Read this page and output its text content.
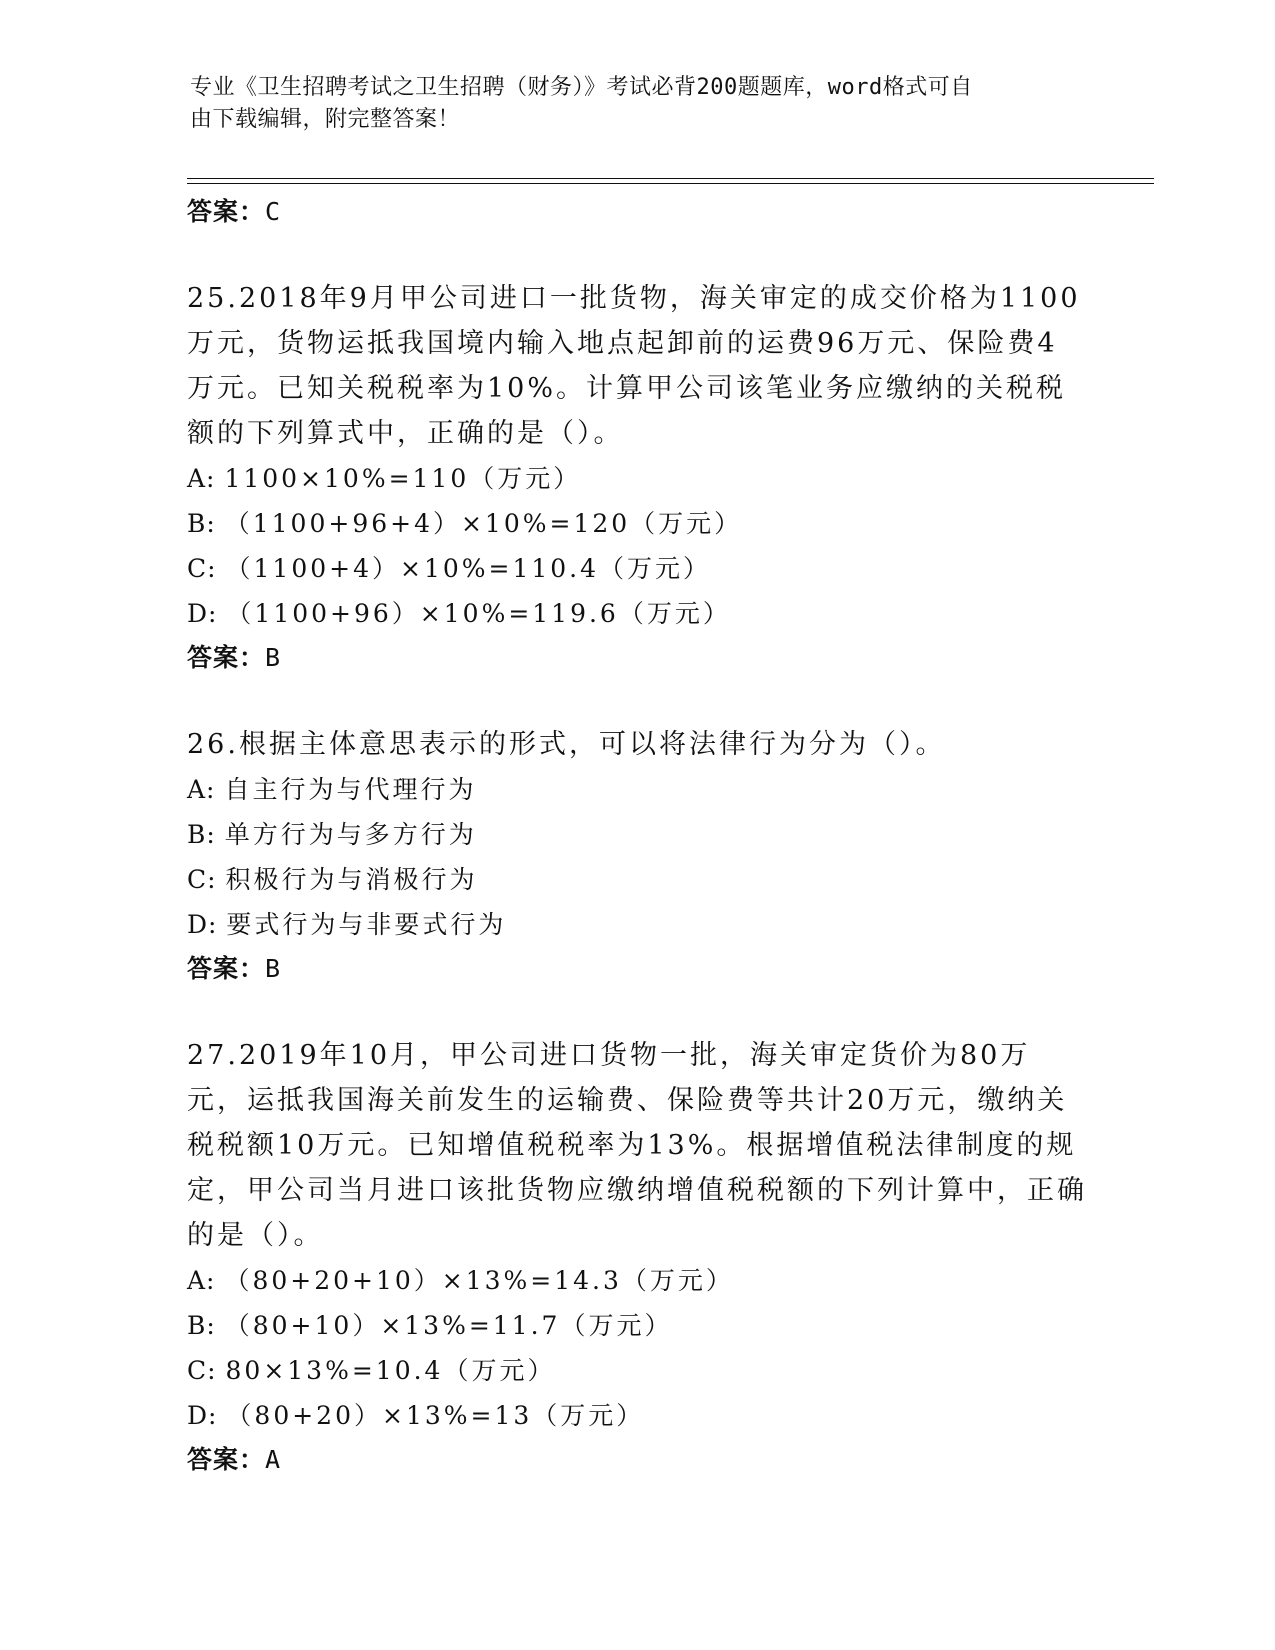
专业《卫生招聘考试之卫生招聘（财务）》考试必背200题题库，word格式可自
由下载编辑，附完整答案！
答案：C
25.2018年9月甲公司进口一批货物，海关审定的成交价格为1100万元，货物运抵我国境内输入地点起卸前的运费96万元、保险费4万元。已知关税税率为10%。计算甲公司该笔业务应缴纳的关税税额的下列算式中，正确的是（）。
A: 1100×10%=110（万元）
B: （1100+96+4）×10%=120（万元）
C: （1100+4）×10%=110.4（万元）
D: （1100+96）×10%=119.6（万元）
答案：B
26.根据主体意思表示的形式，可以将法律行为分为（）。
A: 自主行为与代理行为
B: 单方行为与多方行为
C: 积极行为与消极行为
D: 要式行为与非要式行为
答案：B
27.2019年10月，甲公司进口货物一批，海关审定货价为80万元，运抵我国海关前发生的运输费、保险费等共计20万元，缴纳关税税额10万元。已知增值税税率为13%。根据增值税法律制度的规定，甲公司当月进口该批货物应缴纳增值税税额的下列计算中，正确的是（）。
A: （80+20+10）×13%=14.3（万元）
B: （80+10）×13%=11.7（万元）
C: 80×13%=10.4（万元）
D: （80+20）×13%=13（万元）
答案：A
